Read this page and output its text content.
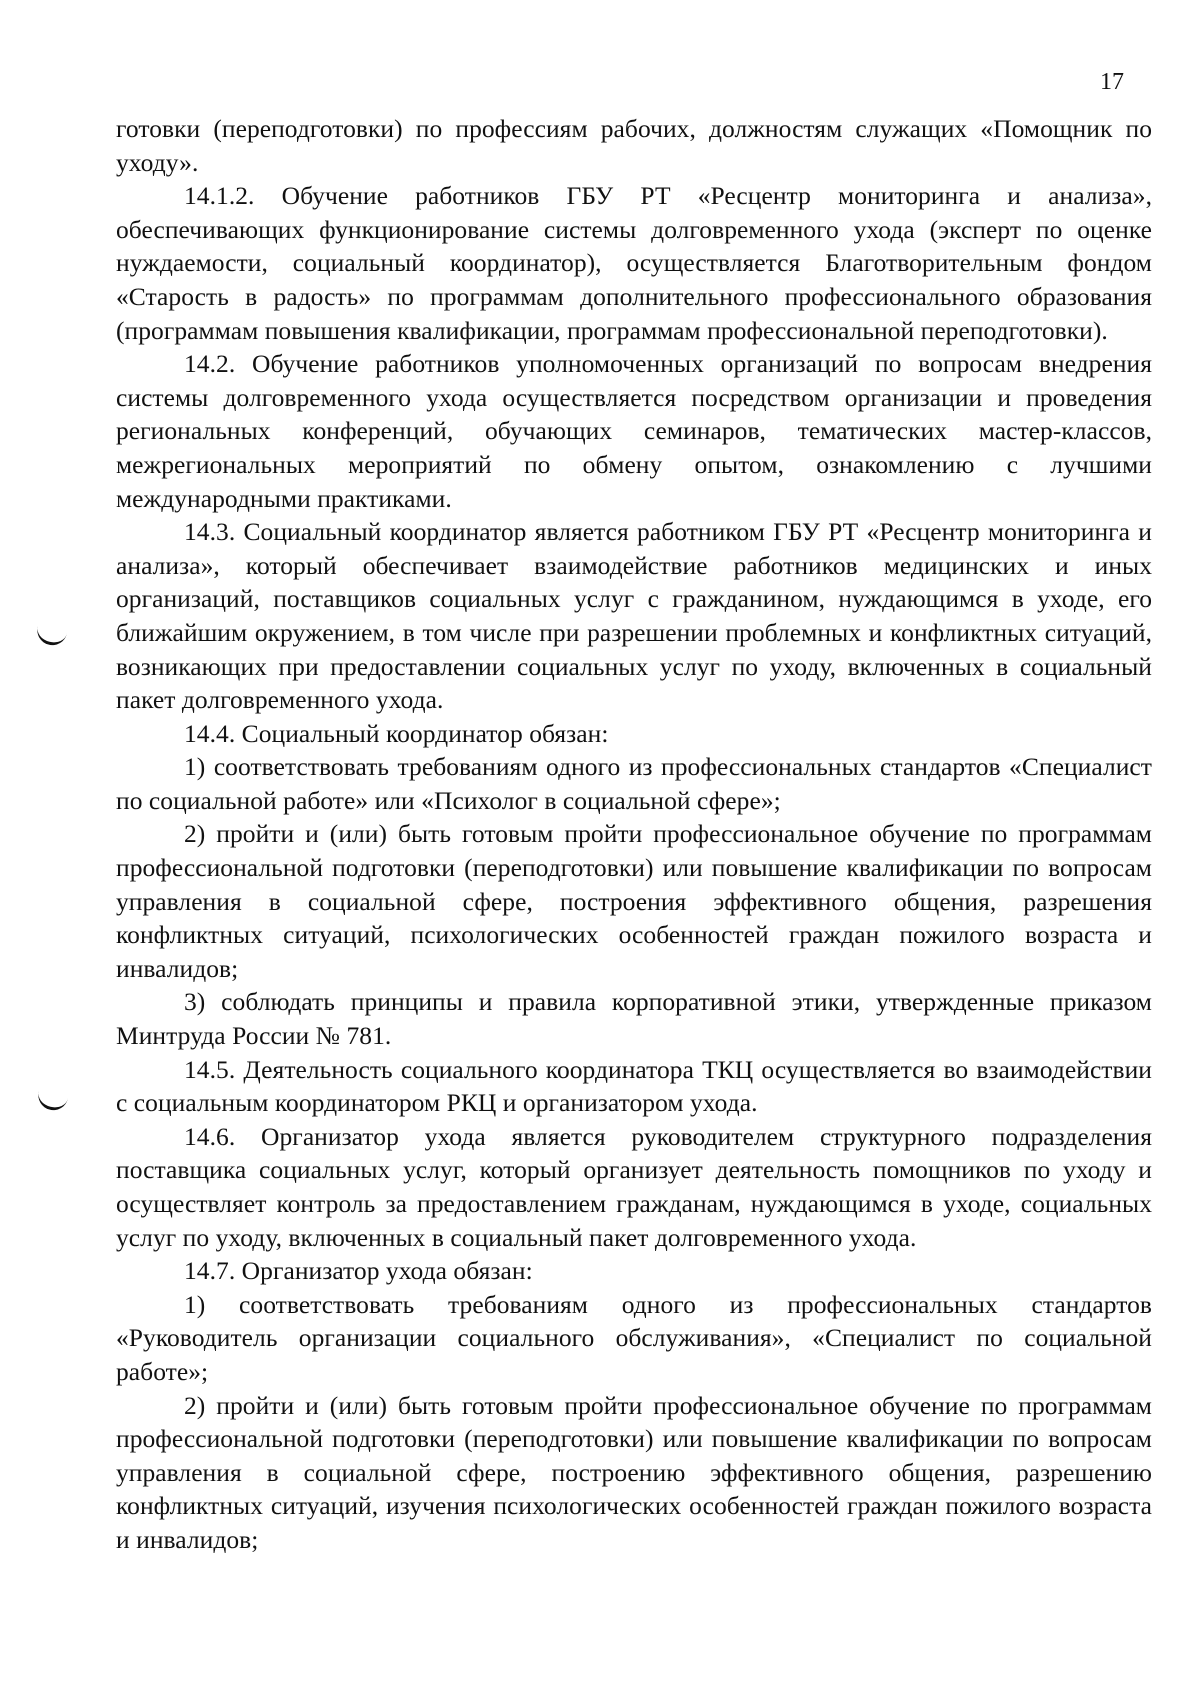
17

готовки (переподготовки) по профессиям рабочих, должностям служащих «Помощник по уходу».

14.1.2. Обучение работников ГБУ РТ «Ресцентр мониторинга и анализа», обеспечивающих функционирование системы долговременного ухода (эксперт по оценке нуждаемости, социальный координатор), осуществляется Благотворительным фондом «Старость в радость» по программам дополнительного профессионального образования (программам повышения квалификации, программам профессиональной переподготовки).

14.2. Обучение работников уполномоченных организаций по вопросам внедрения системы долговременного ухода осуществляется посредством организации и проведения региональных конференций, обучающих семинаров, тематических мастер-классов, межрегиональных мероприятий по обмену опытом, ознакомлению с лучшими международными практиками.

14.3. Социальный координатор является работником ГБУ РТ «Ресцентр мониторинга и анализа», который обеспечивает взаимодействие работников медицинских и иных организаций, поставщиков социальных услуг с гражданином, нуждающимся в уходе, его ближайшим окружением, в том числе при разрешении проблемных и конфликтных ситуаций, возникающих при предоставлении социальных услуг по уходу, включенных в социальный пакет долговременного ухода.

14.4. Социальный координатор обязан:

1) соответствовать требованиям одного из профессиональных стандартов «Специалист по социальной работе» или «Психолог в социальной сфере»;

2) пройти и (или) быть готовым пройти профессиональное обучение по программам профессиональной подготовки (переподготовки) или повышение квалификации по вопросам управления в социальной сфере, построения эффективного общения, разрешения конфликтных ситуаций, психологических особенностей граждан пожилого возраста и инвалидов;

3) соблюдать принципы и правила корпоративной этики, утвержденные приказом Минтруда России № 781.

14.5. Деятельность социального координатора ТКЦ осуществляется во взаимодействии с социальным координатором РКЦ и организатором ухода.

14.6. Организатор ухода является руководителем структурного подразделения поставщика социальных услуг, который организует деятельность помощников по уходу и осуществляет контроль за предоставлением гражданам, нуждающимся в уходе, социальных услуг по уходу, включенных в социальный пакет долговременного ухода.

14.7. Организатор ухода обязан:

1) соответствовать требованиям одного из профессиональных стандартов «Руководитель организации социального обслуживания», «Специалист по социальной работе»;

2) пройти и (или) быть готовым пройти профессиональное обучение по программам профессиональной подготовки (переподготовки) или повышение квалификации по вопросам управления в социальной сфере, построению эффективного общения, разрешению конфликтных ситуаций, изучения психологических особенностей граждан пожилого возраста и инвалидов;
